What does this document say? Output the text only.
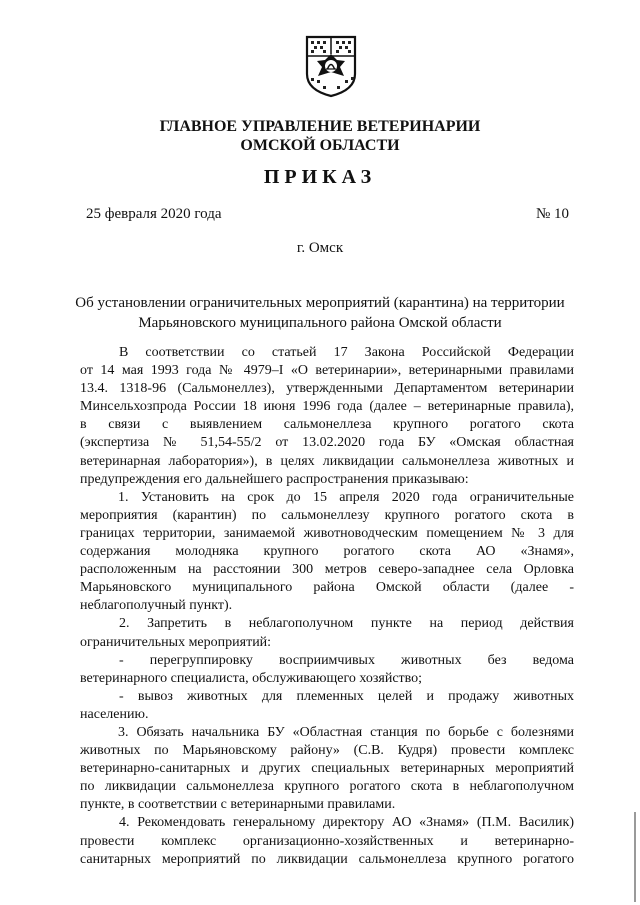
ГЛАВНОЕ УПРАВЛЕНИЕ ВЕТЕРИНАРИИ
ОМСКОЙ ОБЛАСТИ
ПРИКАЗ
25 февраля 2020 года	№ 10
г. Омск
Об установлении ограничительных мероприятий (карантина) на территории
Марьяновского муниципального района Омской области
В соответствии со статьей 17 Закона Российской Федерации
от 14 мая 1993 года № 4979–I «О ветеринарии», ветеринарными правилами
13.4. 1318-96 (Сальмонеллез), утвержденными Департаментом ветеринарии
Минсельхозпрода России 18 июня 1996 года (далее – ветеринарные правила),
в связи с выявлением сальмонеллеза крупного рогатого скота
(экспертиза № 51,54-55/2 от 13.02.2020 года БУ «Омская областная
ветеринарная лаборатория»), в целях ликвидации сальмонеллеза животных и
предупреждения его дальнейшего распространения приказываю:
1. Установить на срок до 15 апреля 2020 года ограничительные
мероприятия (карантин) по сальмонеллезу крупного рогатого скота в
границах территории, занимаемой животноводческим помещением № 3 для
содержания молодняка крупного рогатого скота АО «Знамя»,
расположенным на расстоянии 300 метров северо-западнее села Орловка
Марьяновского муниципального района Омской области (далее -
неблагополучный пункт).
2. Запретить в неблагополучном пункте на период действия
ограничительных мероприятий:
- перегруппировку восприимчивых животных без ведома
ветеринарного специалиста, обслуживающего хозяйство;
- вывоз животных для племенных целей и продажу животных
населению.
3. Обязать начальника БУ «Областная станция по борьбе с болезнями
животных по Марьяновскому району» (С.В. Кудря) провести комплекс
ветеринарно-санитарных и других специальных ветеринарных мероприятий
по ликвидации сальмонеллеза крупного рогатого скота в неблагополучном
пункте, в соответствии с ветеринарными правилами.
4. Рекомендовать генеральному директору АО «Знамя» (П.М. Василик)
провести комплекс организационно-хозяйственных и ветеринарно-
санитарных мероприятий по ликвидации сальмонеллеза крупного рогатого
